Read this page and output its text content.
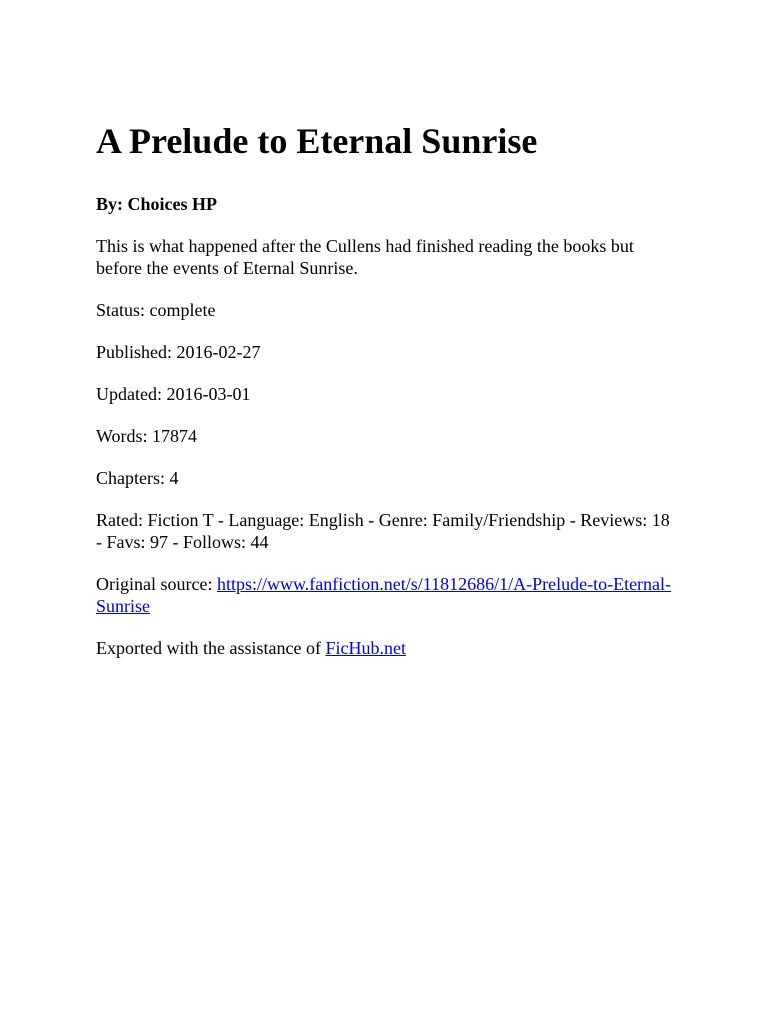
A Prelude to Eternal Sunrise

By: Choices HP

This is what happened after the Cullens had finished reading the books but before the events of Eternal Sunrise.

Status: complete

Published: 2016-02-27

Updated: 2016-03-01

Words: 17874

Chapters: 4

Rated: Fiction T - Language: English - Genre: Family/Friendship - Reviews: 18 - Favs: 97 - Follows: 44

Original source: https://www.fanfiction.net/s/11812686/1/A-Prelude-to-Eternal-Sunrise

Exported with the assistance of FicHub.net
